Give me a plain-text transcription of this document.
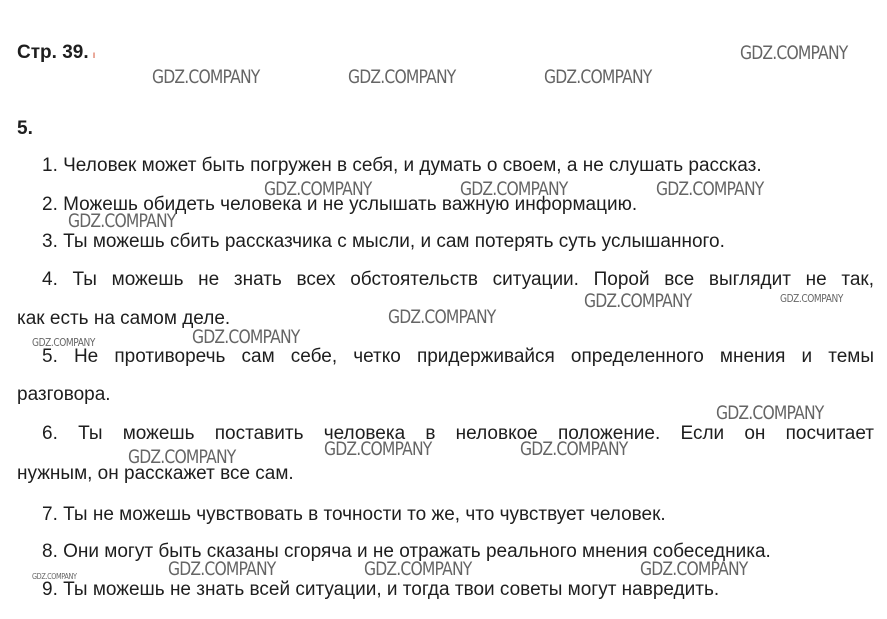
Стр. 39. ı
5.
1. Человек может быть погружен в себя, и думать о своем, а не слушать рассказ.
2. Можешь обидеть человека и не услышать важную информацию.
3. Ты можешь сбить рассказчика с мысли, и сам потерять суть услышанного.
4. Ты можешь не знать всех обстоятельств ситуации. Порой все выглядит не так,
как есть на самом деле.
5. Не противоречь сам себе, четко придерживайся определенного мнения и темы
разговора.
6. Ты можешь поставить человека в неловкое положение. Если он посчитает
нужным, он расскажет все сам.
7. Ты не можешь чувствовать в точности то же, что чувствует человек.
8. Они могут быть сказаны сгоряча и не отражать реального мнения собеседника.
9. Ты можешь не знать всей ситуации, и тогда твои советы могут навредить.
GDZ.COMPANY
GDZ.COMPANY	GDZ.COMPANY	GDZ.COMPANY
GDZ.COMPANY	GDZ.COMPANY	GDZ.COMPANY
GDZ.COMPANY
GDZ.COMPANY	GDZ.COMPANY
GDZ.COMPANY
GDZ.COMPANY	GDZ.COMPANY
GDZ.COMPANY
GDZ.COMPANY	GDZ.COMPANY
GDZ.COMPANY
GDZ.COMPANY	GDZ.COMPANY	GDZ.COMPANY
GDZ.COMPANY
